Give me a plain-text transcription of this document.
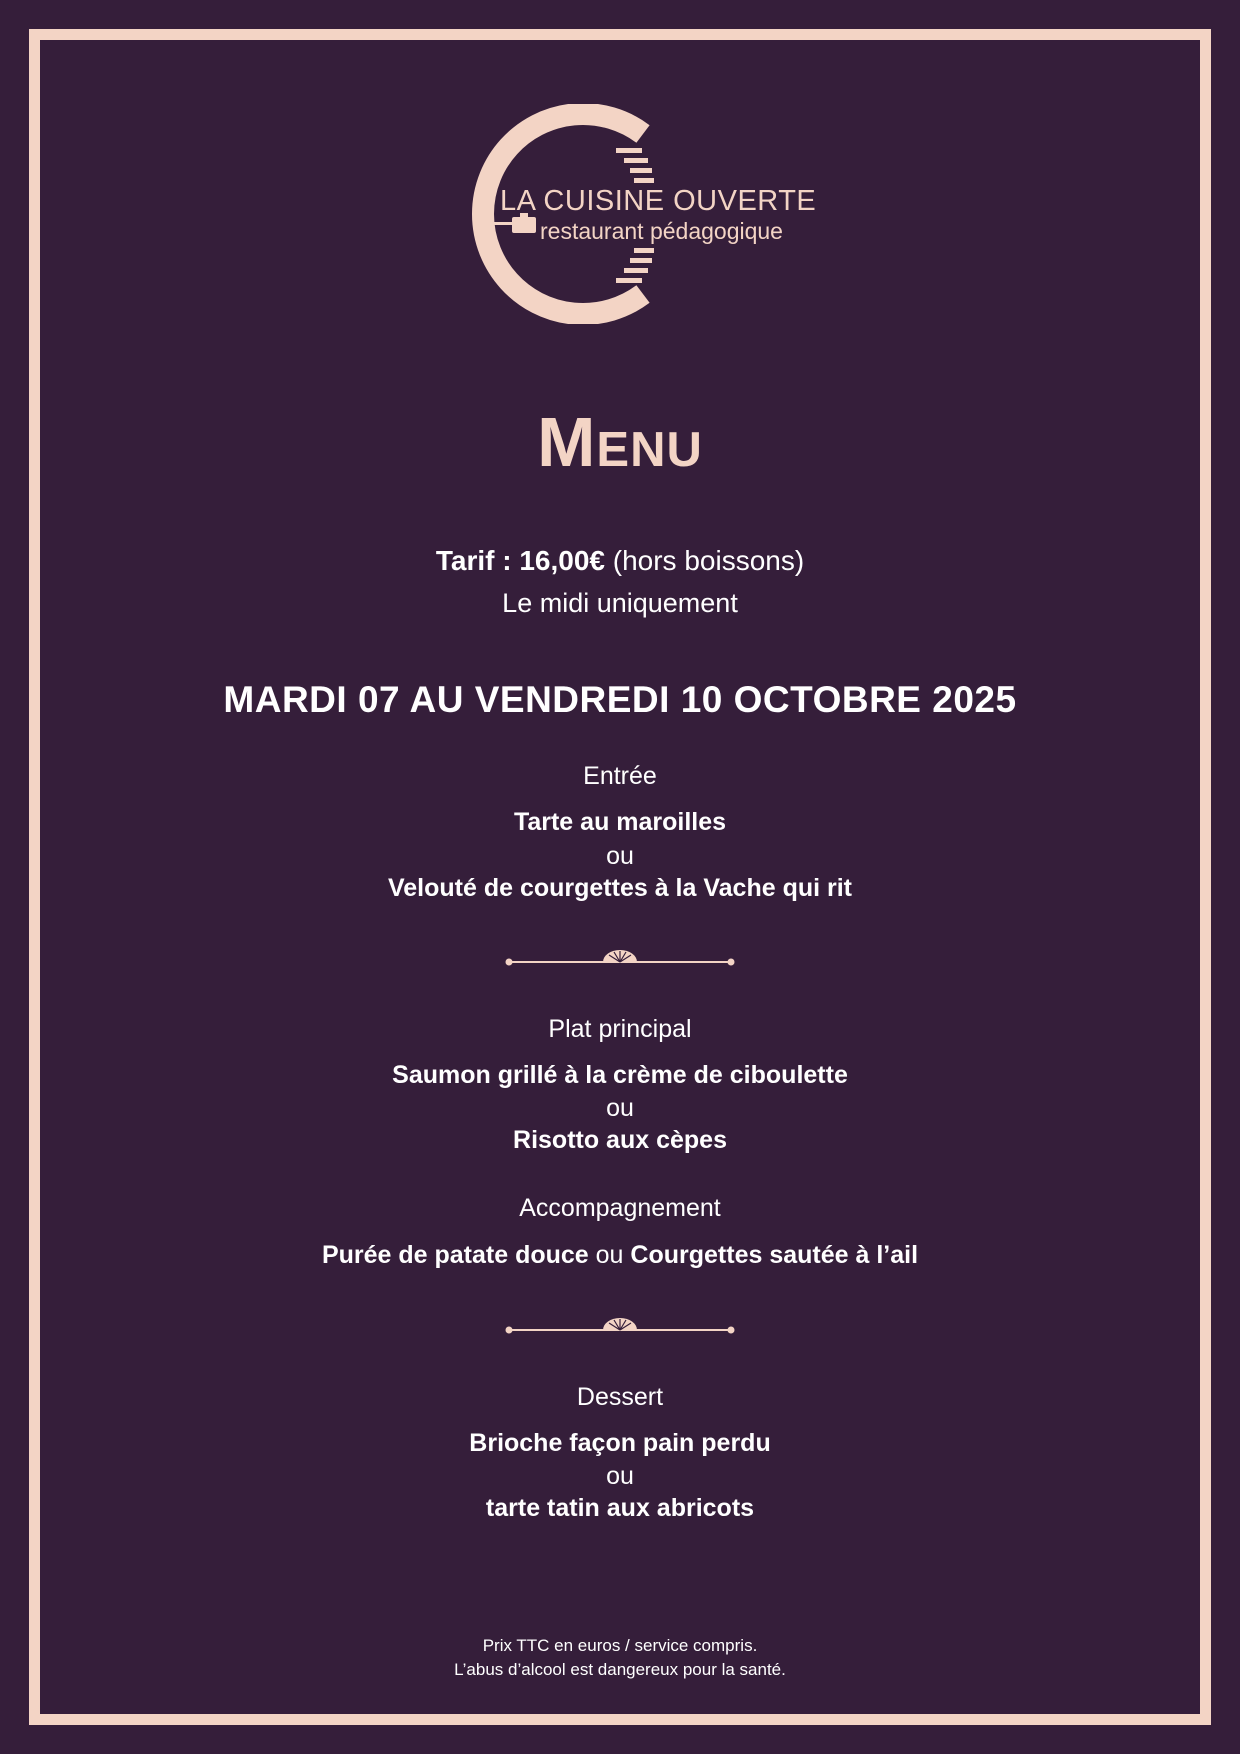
LA CUISINE OUVERTE
restaurant pédagogique
Menu
Tarif : 16,00€ (hors boissons)
Le midi uniquement
MARDI 07 AU VENDREDI 10 OCTOBRE 2025
Entrée
Tarte au maroilles
ou
Velouté de courgettes à la Vache qui rit
Plat principal
Saumon grillé à la crème de ciboulette
ou
Risotto aux cèpes
Accompagnement
Purée de patate douce ou Courgettes sautée à l’ail
Dessert
Brioche façon pain perdu
ou
tarte tatin aux abricots
Prix TTC en euros / service compris.
L’abus d’alcool est dangereux pour la santé.
